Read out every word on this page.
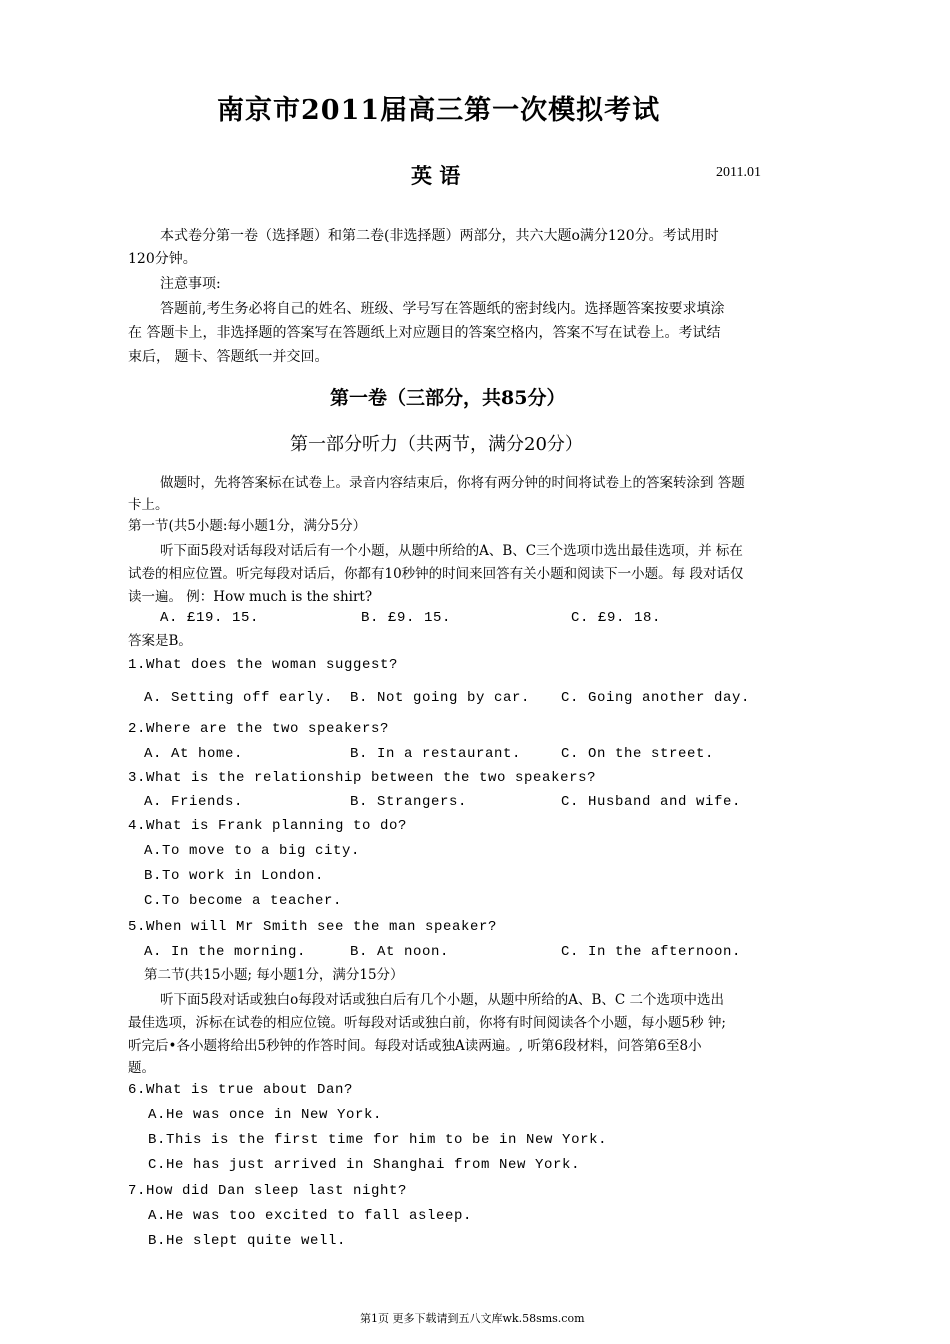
南京市2011届高三第一次模拟考试
英 语	2011.01
本式卷分第一卷（选择题）和第二卷(非选择题）两部分，共六大题o满分120分。考试用时
120分钟。
注意事项:
答题前,考生务必将自己的姓名、班级、学号写在答题纸的密封线内。选择题答案按要求填涂
在 答题卡上，非选择题的答案写在答题纸上对应题目的答案空格内，答案不写在试卷上。考试结
束后， 题卡、答题纸一并交回。
第一卷（三部分，共85分）
第一部分听力（共两节，满分20分）
做题时，先将答案标在试卷上。录音内容结束后，你将有两分钟的时间将试卷上的答案转涂到 答题
卡上。
第一节(共5小题:每小题1分，满分5分）
听下面5段对话每段对话后有一个小题，从题中所给的A、B、C三个选项巾选出最佳选项，并 标在
试卷的相应位置。听完每段对话后，你都有10秒钟的时间来回答有关小题和阅读下一小题。每 段对话仅
读一遍。 例：How much is the shirt?
A. £19. 15.	B. £9. 15.	C. £9. 18.
答案是B。
1.What does the woman suggest?
A. Setting off early. B. Not going by car. C. Going another day.
2.Where are the two speakers?
A. At home.	B. In a restaurant.	C. On the street.
3.What is the relationship between the two speakers?
A. Friends.	B. Strangers.	C. Husband and wife.
4.What is Frank planning to do?
A.To move to a big city.
B.To work in London.
C.To become a teacher.
5.When will Mr Smith see the man speaker?
A. In the morning.	B. At noon.	C. In the afternoon.
第二节(共15小题; 每小题1分，满分15分）
听下面5段对话或独白o每段对话或独白后有几个小题，从题中所给的A、B、C 二个选项中选出
最佳选项，泝标在试卷的相应位镜。听每段对话或独白前，你将有时间阅读各个小题，每小题5秒 钟;
听完后•各小题将给出5秒钟的作答时间。每段对话或独A读两遍。, 听第6段材料，问答第6至8小
题。
6.What is true about Dan?
A.He was once in New York.
B.This is the first time for him to be in New York.
C.He has just arrived in Shanghai from New York.
7.How did Dan sleep last night?
A.He was too excited to fall asleep.
B.He slept quite well.
第1页 更多下载请到五八文库wk.58sms.com
